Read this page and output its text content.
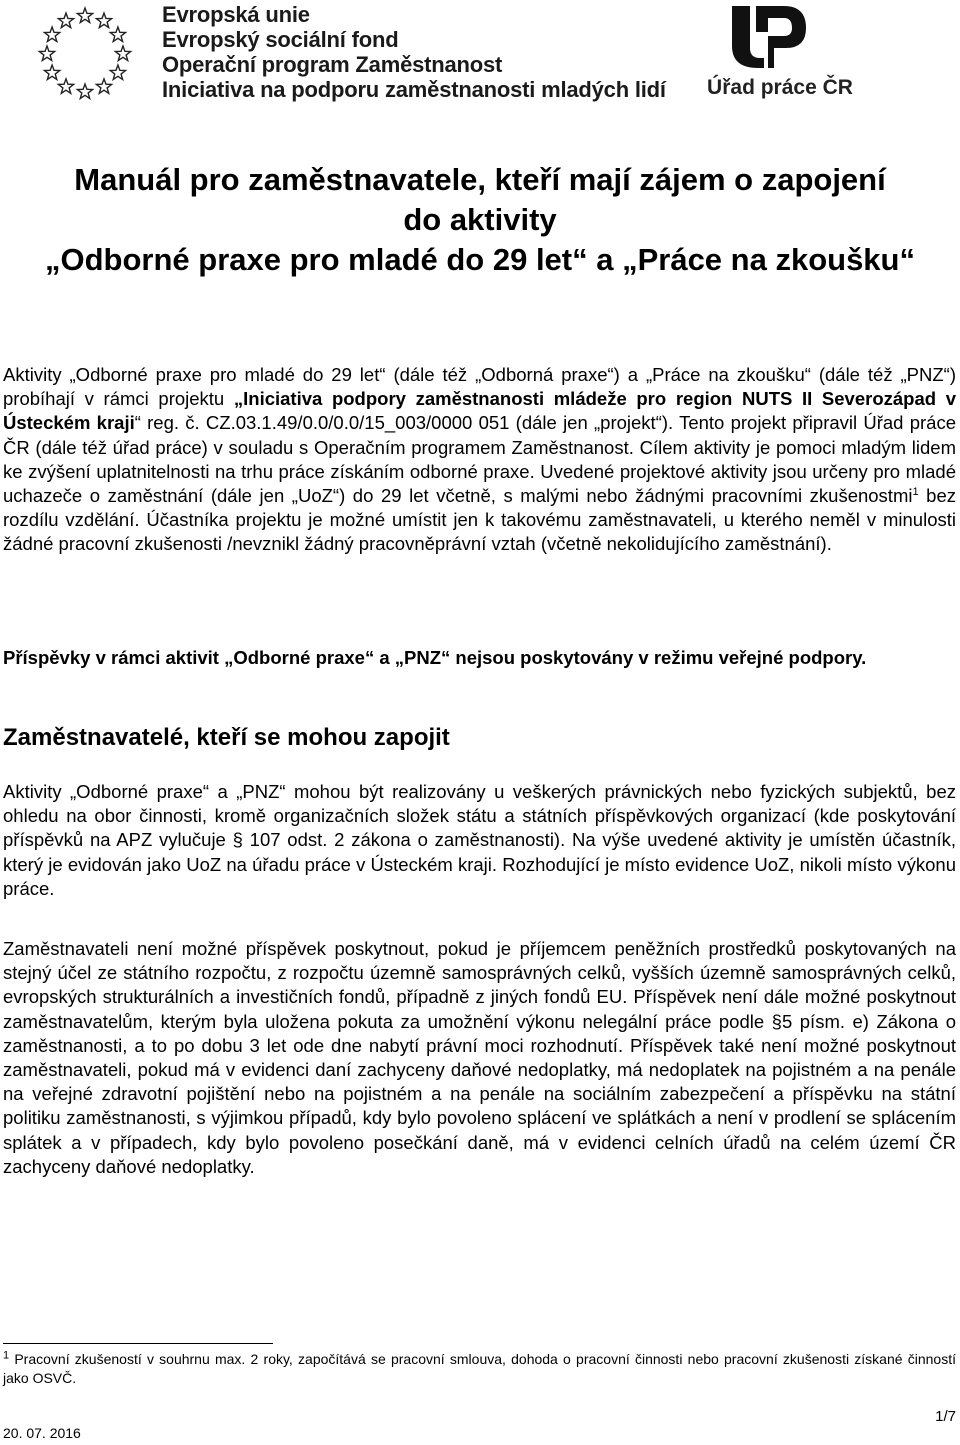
Evropská unie
Evropský sociální fond
Operační program Zaměstnanost
Iniciativa na podporu zaměstnanosti mladých lidí	Úřad práce ČR
Manuál pro zaměstnavatele, kteří mají zájem o zapojení
do aktivity
„Odborné praxe pro mladé do 29 let“ a „Práce na zkoušku“
Aktivity „Odborné praxe pro mladé do 29 let“ (dále též „Odborná praxe“) a „Práce na zkoušku“ (dále též „PNZ“) probíhají v rámci projektu „Iniciativa podpory zaměstnanosti mládeže pro region NUTS II Severozápad v Ústeckém kraji“ reg. č. CZ.03.1.49/0.0/0.0/15_003/0000 051 (dále jen „projekt“). Tento projekt připravil Úřad práce ČR (dále též úřad práce) v souladu s Operačním programem Zaměstnanost. Cílem aktivity je pomoci mladým lidem ke zvýšení uplatnitelnosti na trhu práce získáním odborné praxe. Uvedené projektové aktivity jsou určeny pro mladé uchazeče o zaměstnání (dále jen „UoZ“) do 29 let včetně, s malými nebo žádnými pracovními zkušenostmi$^1$ bez rozdílu vzdělání. Účastníka projektu je možné umístit jen k takovému zaměstnavateli, u kterého neměl v minulosti žádné pracovní zkušenosti /nevznikl žádný pracovněprávní vztah (včetně nekolidujícího zaměstnání).
Příspěvky v rámci aktivit „Odborné praxe“ a „PNZ“ nejsou poskytovány v režimu veřejné podpory.
Zaměstnavatelé, kteří se mohou zapojit
Aktivity „Odborné praxe“ a „PNZ“ mohou být realizovány u veškerých právnických nebo fyzických subjektů, bez ohledu na obor činnosti, kromě organizačních složek státu a státních příspěvkových organizací (kde poskytování příspěvků na APZ vylučuje § 107 odst. 2 zákona o zaměstnanosti). Na výše uvedené aktivity je umístěn účastník, který je evidován jako UoZ na úřadu práce v Ústeckém kraji. Rozhodující je místo evidence UoZ, nikoli místo výkonu práce.
Zaměstnavateli není možné příspěvek poskytnout, pokud je příjemcem peněžních prostředků poskytovaných na stejný účel ze státního rozpočtu, z rozpočtu územně samosprávných celků, vyšších územně samosprávných celků, evropských strukturálních a investičních fondů, případně z jiných fondů EU. Příspěvek není dále možné poskytnout zaměstnavatelům, kterým byla uložena pokuta za umožnění výkonu nelegální práce podle §5 písm. e) Zákona o zaměstnanosti, a to po dobu 3 let ode dne nabytí právní moci rozhodnutí. Příspěvek také není možné poskytnout zaměstnavateli, pokud má v evidenci daní zachyceny daňové nedoplatky, má nedoplatek na pojistném a na penále na veřejné zdravotní pojištění nebo na pojistném a na penále na sociálním zabezpečení a příspěvku na státní politiku zaměstnanosti, s výjimkou případů, kdy bylo povoleno splácení ve splátkách a není v prodlení se splácením splátek a v případech, kdy bylo povoleno posečkání daně, má v evidenci celních úřadů na celém území ČR zachyceny daňové nedoplatky.
$^1$ Pracovní zkušeností v souhrnu max. 2 roky, započítává se pracovní smlouva, dohoda o pracovní činnosti nebo pracovní zkušenosti získané činností jako OSVČ.
20. 07. 2016
1/7
